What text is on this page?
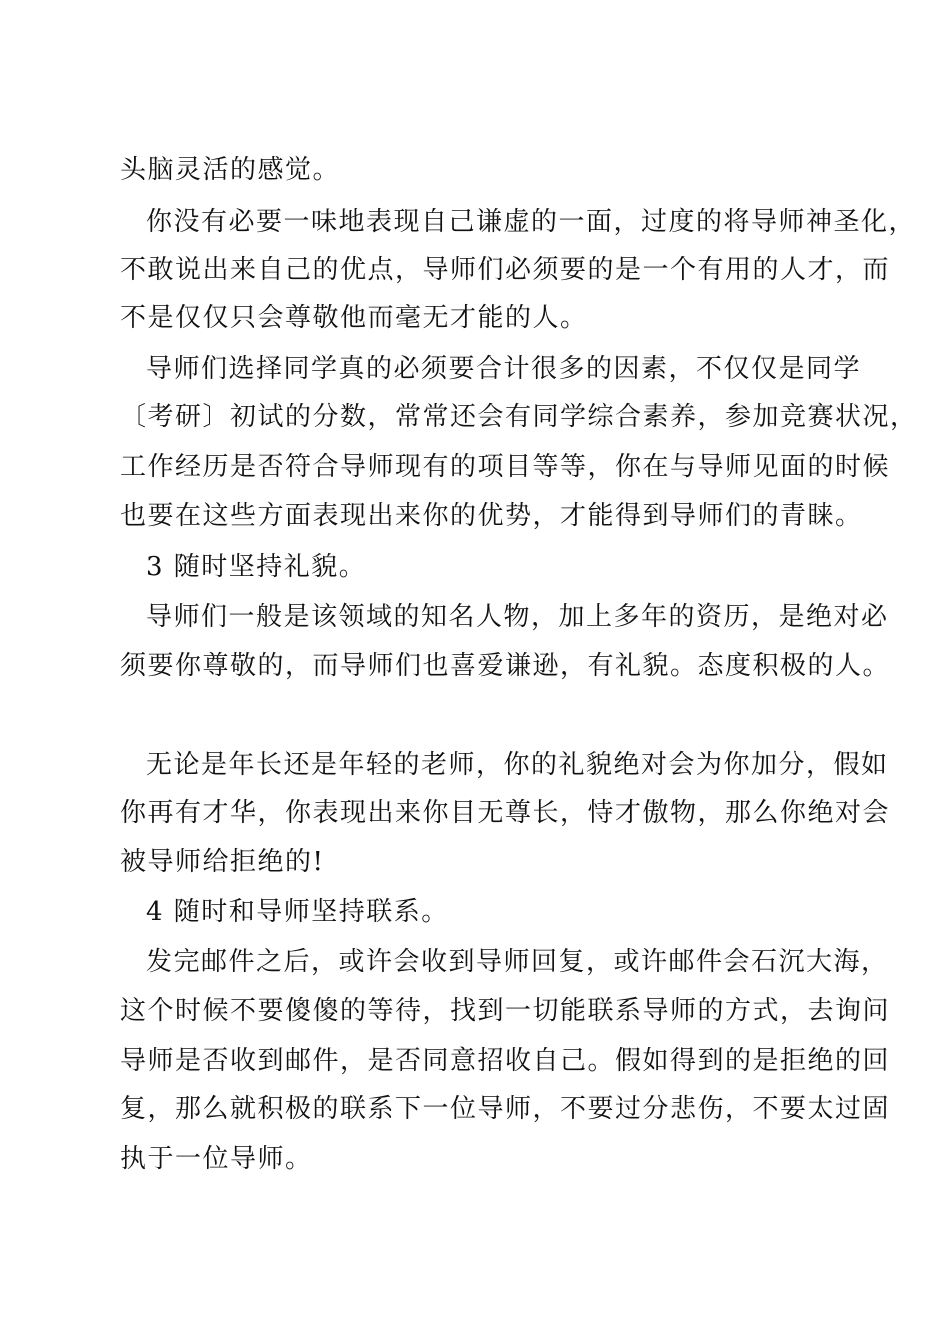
头脑灵活的感觉。
你没有必要一味地表现自己谦虚的一面，过度的将导师神圣化，
不敢说出来自己的优点，导师们必须要的是一个有用的人才，而
不是仅仅只会尊敬他而毫无才能的人。
导师们选择同学真的必须要合计很多的因素，不仅仅是同学
〔考研〕初试的分数，常常还会有同学综合素养，参加竞赛状况，
工作经历是否符合导师现有的项目等等，你在与导师见面的时候
也要在这些方面表现出来你的优势，才能得到导师们的青睐。
3 随时坚持礼貌。
导师们一般是该领域的知名人物，加上多年的资历，是绝对必
须要你尊敬的，而导师们也喜爱谦逊，有礼貌。态度积极的人。
无论是年长还是年轻的老师，你的礼貌绝对会为你加分，假如
你再有才华，你表现出来你目无尊长，恃才傲物，那么你绝对会
被导师给拒绝的!
4 随时和导师坚持联系。
发完邮件之后，或许会收到导师回复，或许邮件会石沉大海，
这个时候不要傻傻的等待，找到一切能联系导师的方式，去询问
导师是否收到邮件，是否同意招收自己。假如得到的是拒绝的回
复，那么就积极的联系下一位导师，不要过分悲伤，不要太过固
执于一位导师。
